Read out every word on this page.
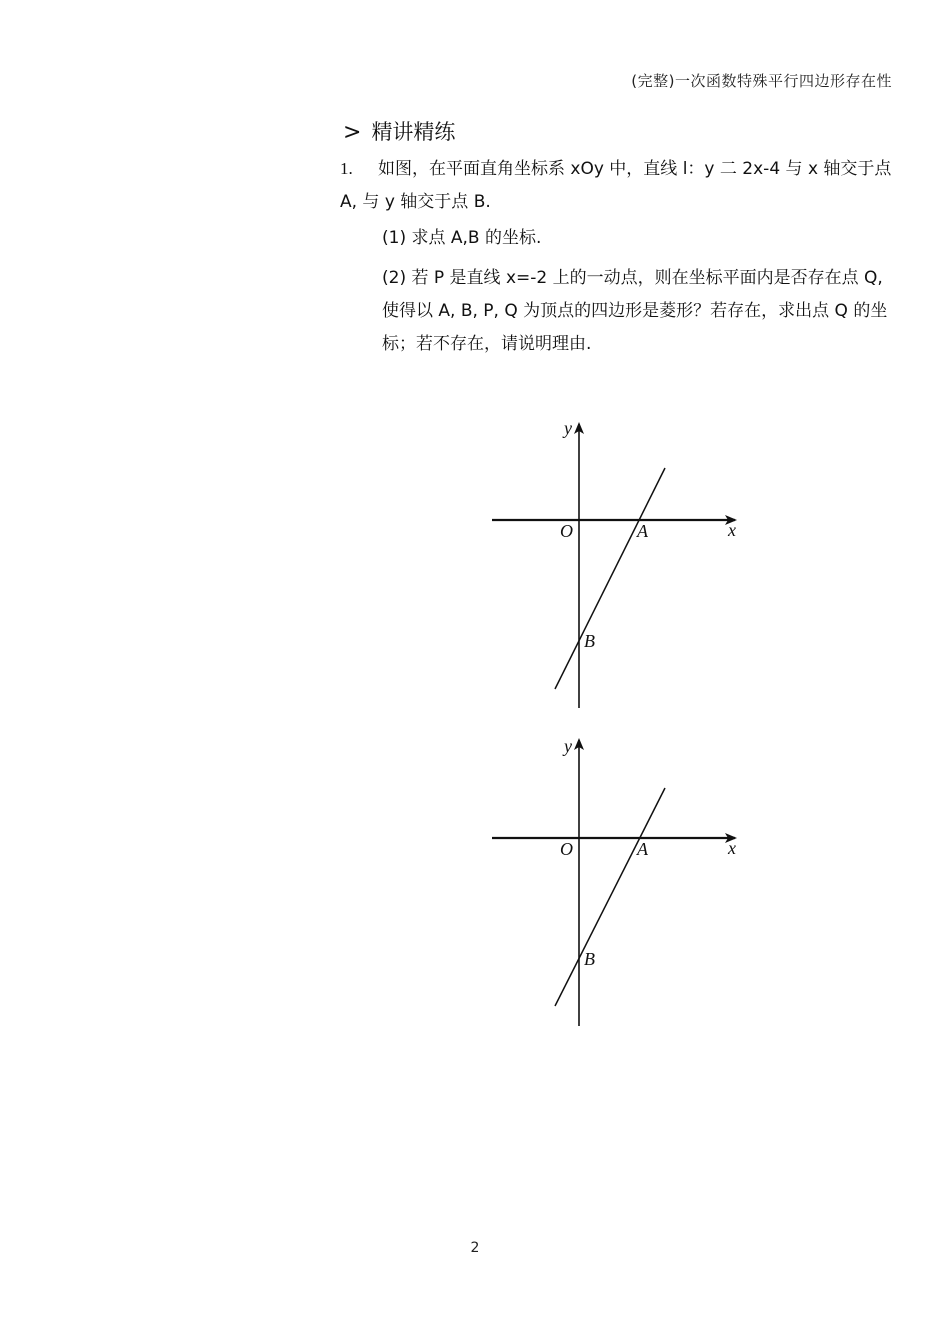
(完整)一次函数特殊平行四边形存在性
> 精讲精练

1. 如图，在平面直角坐标系 xOy 中，直线 l：y 二 2x-4 与 x 轴交于点 A, 与 y 轴交于点 B.

(1) 求点 A,B 的坐标.

(2) 若 P 是直线 x=-2 上的一动点，则在坐标平面内是否存在点 Q, 使得以 A, B, P, Q 为顶点的四边形是菱形？若存在，求出点 Q 的坐标；若不存在，请说明理由.

y
x
O	A
B
y
x
O	A
B
2
